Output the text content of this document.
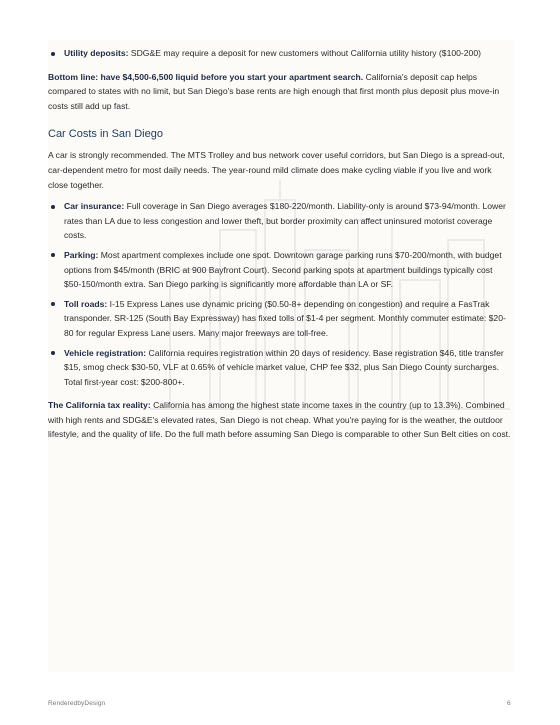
Utility deposits: SDG&E may require a deposit for new customers without California utility history ($100-200)

Bottom line: have $4,500-6,500 liquid before you start your apartment search. California's deposit cap helps compared to states with no limit, but San Diego's base rents are high enough that first month plus deposit plus move-in costs still add up fast.

Car Costs in San Diego

A car is strongly recommended. The MTS Trolley and bus network cover useful corridors, but San Diego is a spread-out, car-dependent metro for most daily needs. The year-round mild climate does make cycling viable if you live and work close together.

Car insurance: Full coverage in San Diego averages $180-220/month. Liability-only is around $73-94/month. Lower rates than LA due to less congestion and lower theft, but border proximity can affect uninsured motorist coverage costs.
Parking: Most apartment complexes include one spot. Downtown garage parking runs $70-200/month, with budget options from $45/month (BRIC at 900 Bayfront Court). Second parking spots at apartment buildings typically cost $50-150/month extra. San Diego parking is significantly more affordable than LA or SF.
Toll roads: I-15 Express Lanes use dynamic pricing ($0.50-8+ depending on congestion) and require a FasTrak transponder. SR-125 (South Bay Expressway) has fixed tolls of $1-4 per segment. Monthly commuter estimate: $20-80 for regular Express Lane users. Many major freeways are toll-free.
Vehicle registration: California requires registration within 20 days of residency. Base registration $46, title transfer $15, smog check $30-50, VLF at 0.65% of vehicle market value, CHP fee $32, plus San Diego County surcharges. Total first-year cost: $200-800+.

The California tax reality: California has among the highest state income taxes in the country (up to 13.3%). Combined with high rents and SDG&E's elevated rates, San Diego is not cheap. What you're paying for is the weather, the outdoor lifestyle, and the quality of life. Do the full math before assuming San Diego is comparable to other Sun Belt cities on cost.

RenderedbyDesign	6
